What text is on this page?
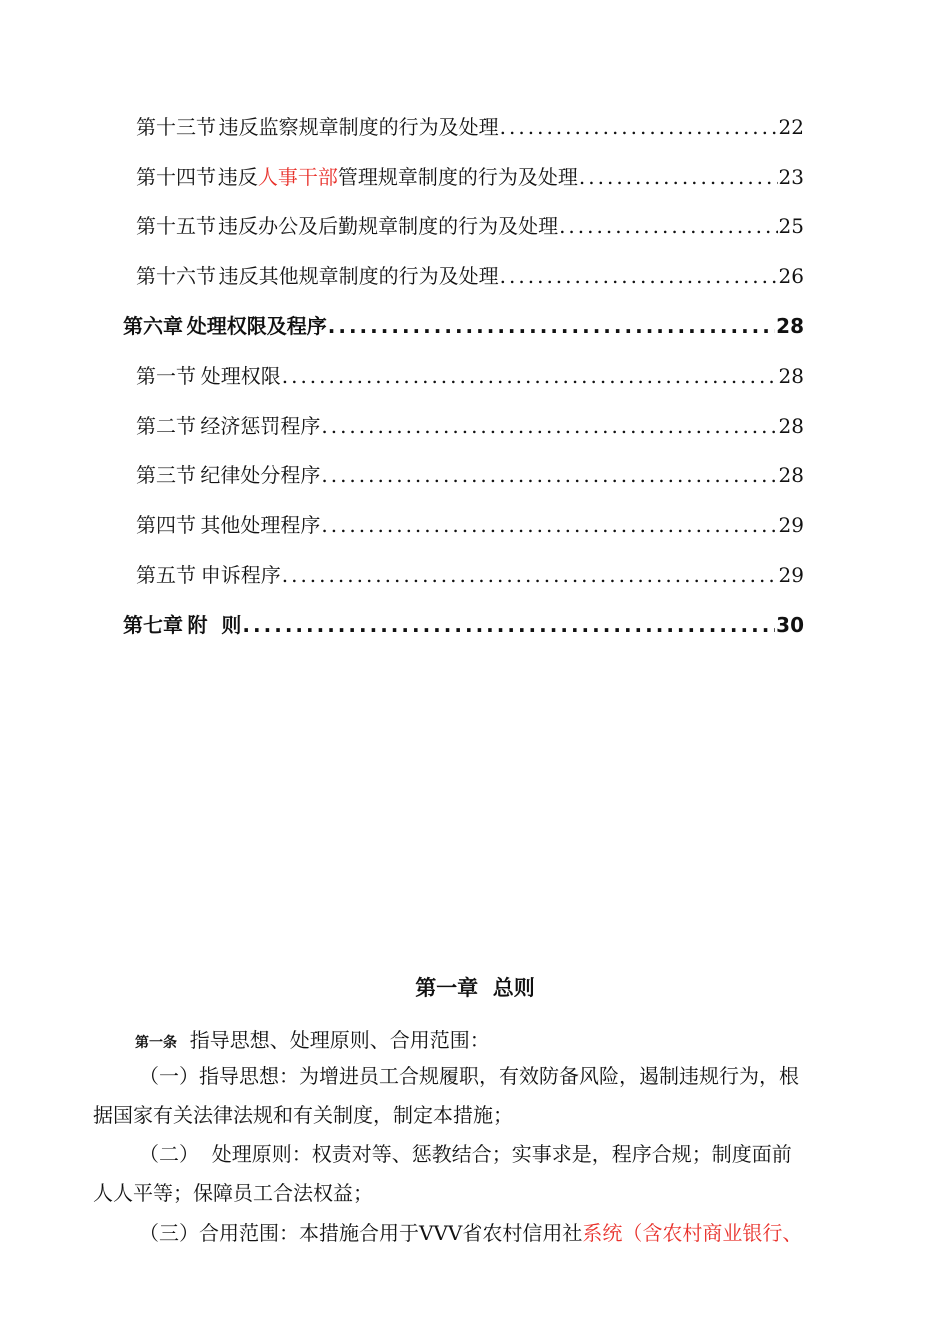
第十三节 违反监察规章制度的行为及处理 .....	22
第十四节 违反人事干部管理规章制度的行为及处理 .....	23
第十五节 违反办公及后勤规章制度的行为及处理 .....	25
第十六节 违反其他规章制度的行为及处理 .....	26
第六章 处理权限及程序 .....	28
第一节 处理权限 .....	28
第二节 经济惩罚程序 .....	28
第三节 纪律处分程序 .....	28
第四节 其他处理程序 .....	29
第五节 申诉程序 .....	29
第七章 附  则 .....	30
第一章  总则
第一条 指导思想、处理原则、合用范围：
（一）指导思想：为增进员工合规履职，有效防备风险，遏制违规行为，根
据国家有关法律法规和有关制度，制定本措施；
（二）  处理原则：权责对等、惩教结合；实事求是，程序合规；制度面前
人人平等；保障员工合法权益；
（三）合用范围：本措施合用于VVV省农村信用社系统（含农村商业银行、
